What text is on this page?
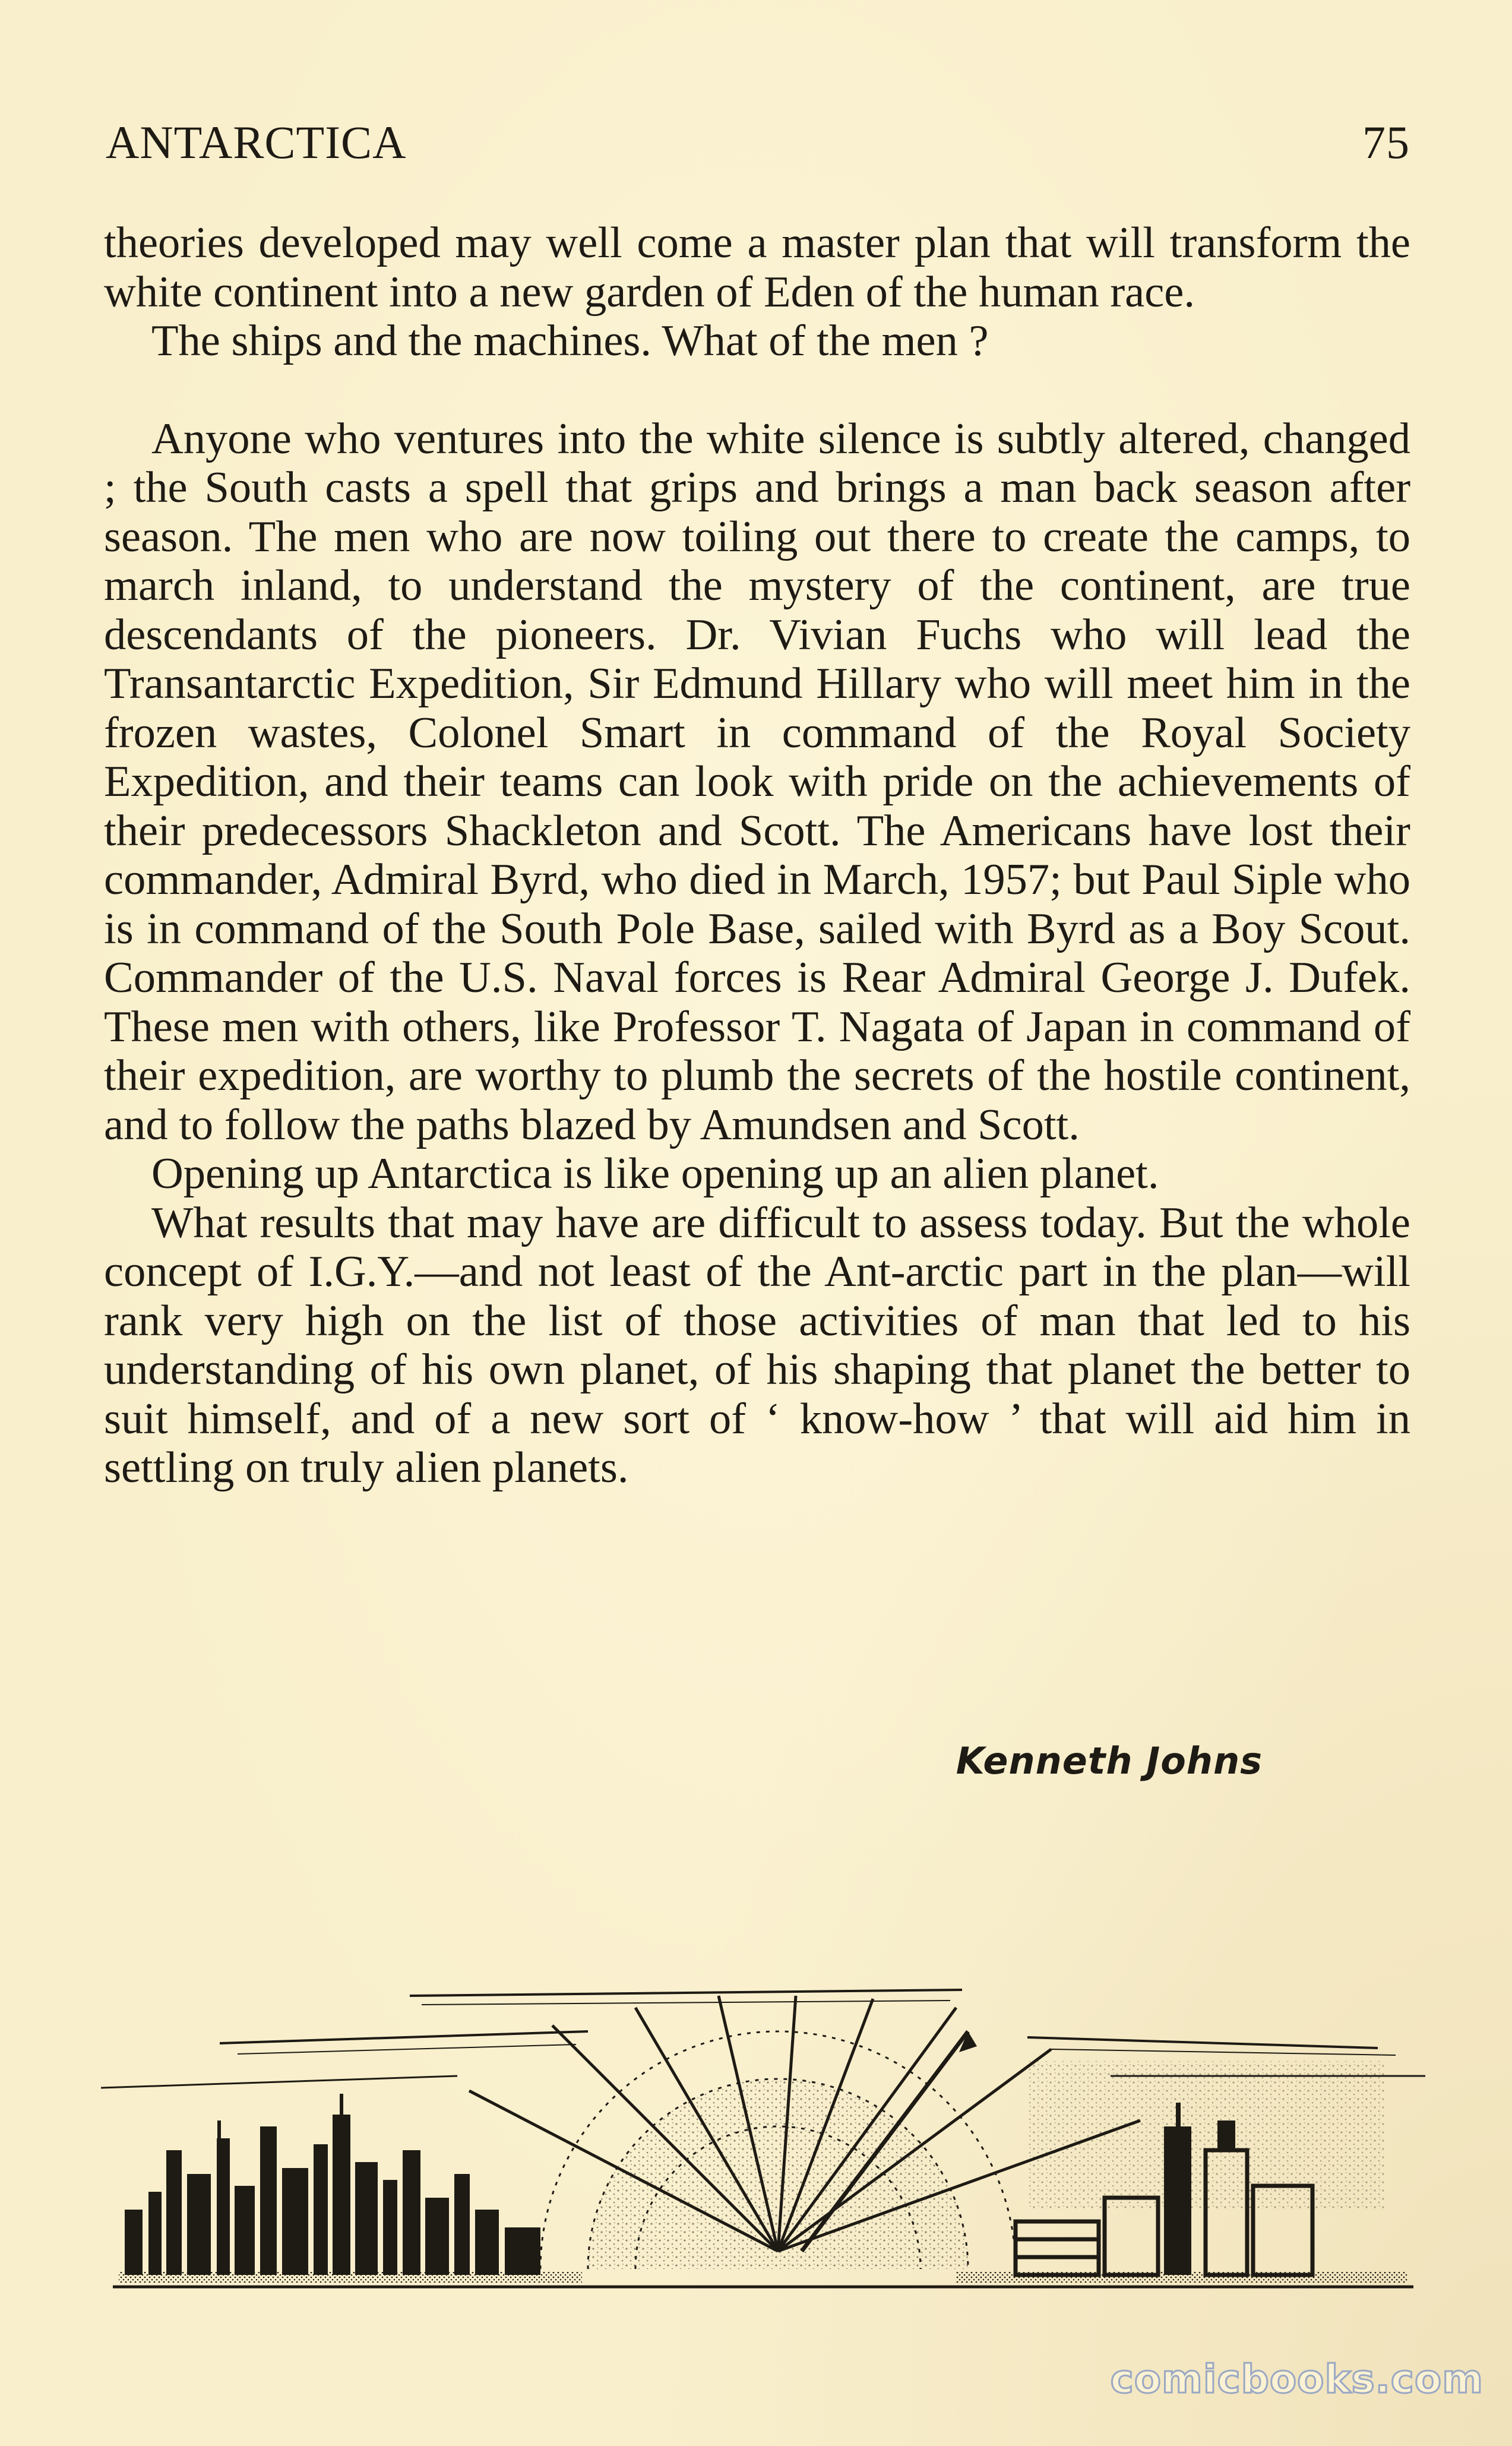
ANTARCTICA	75

theories developed may well come a master plan that will transform the white continent into a new garden of Eden of the human race.

The ships and the machines. What of the men ?

Anyone who ventures into the white silence is subtly altered, changed ; the South casts a spell that grips and brings a man back season after season. The men who are now toiling out there to create the camps, to march inland, to understand the mystery of the continent, are true descendants of the pioneers. Dr. Vivian Fuchs who will lead the Transantarctic Expedition, Sir Edmund Hillary who will meet him in the frozen wastes, Colonel Smart in command of the Royal Society Expedition, and their teams can look with pride on the achievements of their predecessors Shackleton and Scott. The Americans have lost their commander, Admiral Byrd, who died in March, 1957; but Paul Siple who is in command of the South Pole Base, sailed with Byrd as a Boy Scout. Commander of the U.S. Naval forces is Rear Admiral George J. Dufek. These men with others, like Professor T. Nagata of Japan in command of their expedition, are worthy to plumb the secrets of the hostile continent, and to follow the paths blazed by Amundsen and Scott.

Opening up Antarctica is like opening up an alien planet.

What results that may have are difficult to assess today. But the whole concept of I.G.Y.—and not least of the Ant-arctic part in the plan—will rank very high on the list of those activities of man that led to his understanding of his own planet, of his shaping that planet the better to suit himself, and of a new sort of ‘ know-how ’ that will aid him in settling on truly alien planets.

Kenneth Johns
comicbooks.com
